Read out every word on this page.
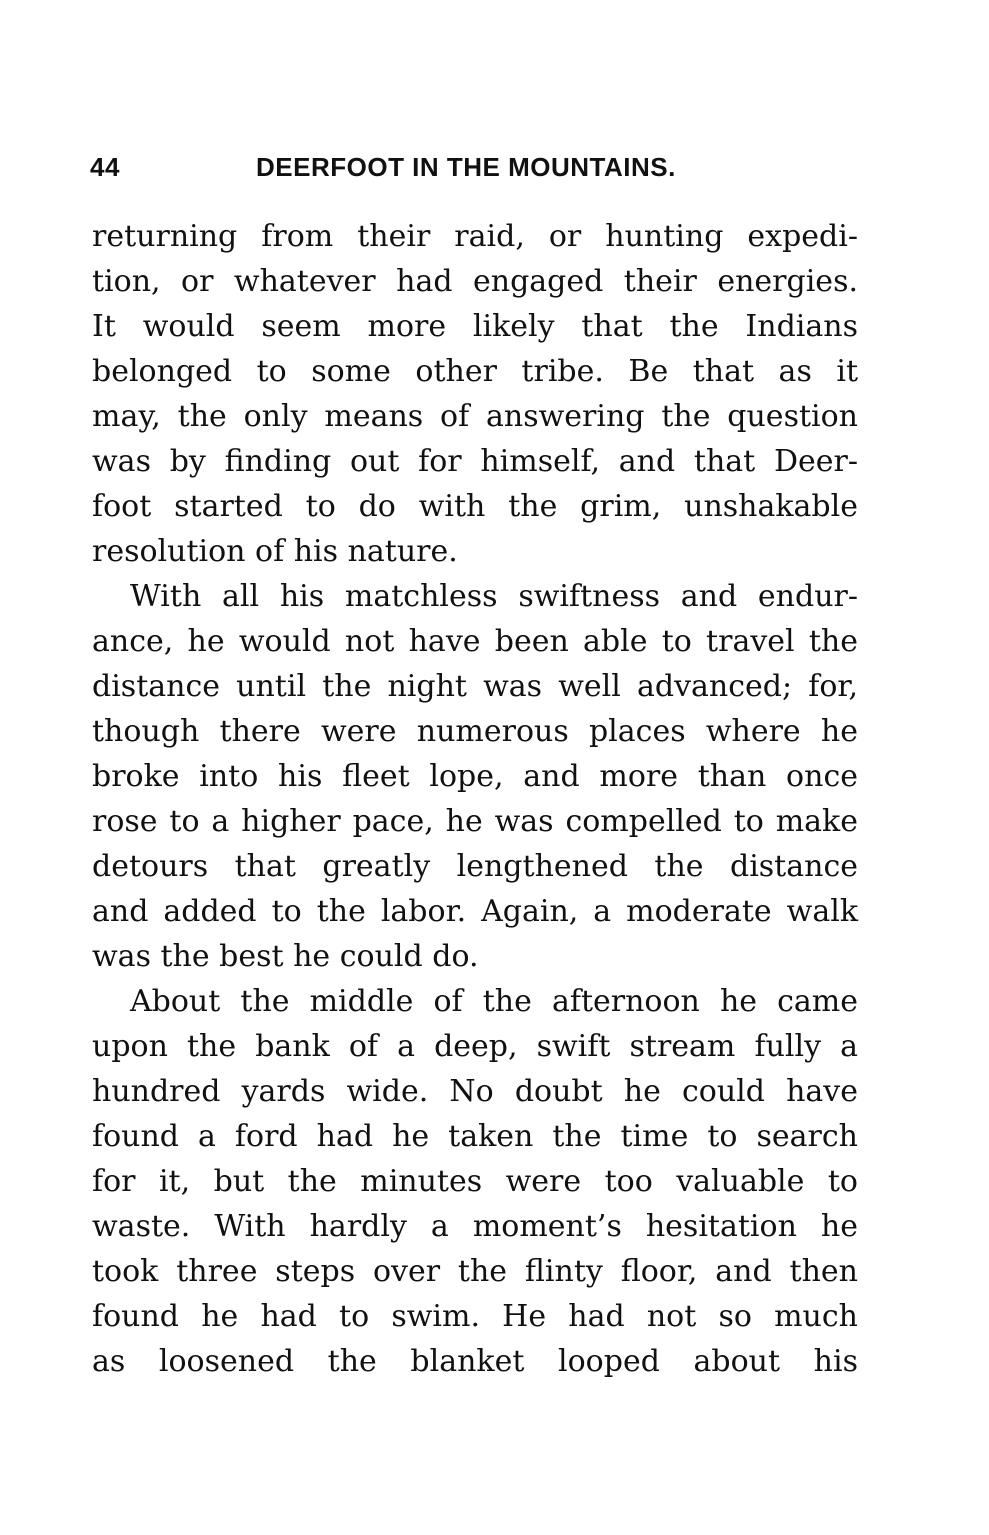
44	DEERFOOT IN THE MOUNTAINS.
returning from their raid, or hunting expedi-
tion, or whatever had engaged their energies.
It would seem more likely that the Indians
belonged to some other tribe. Be that as it
may, the only means of answering the question
was by finding out for himself, and that Deer-
foot started to do with the grim, unshakable
resolution of his nature.
With all his matchless swiftness and endur-
ance, he would not have been able to travel the
distance until the night was well advanced; for,
though there were numerous places where he
broke into his fleet lope, and more than once
rose to a higher pace, he was compelled to make
detours that greatly lengthened the distance
and added to the labor. Again, a moderate walk
was the best he could do.
About the middle of the afternoon he came
upon the bank of a deep, swift stream fully a
hundred yards wide. No doubt he could have
found a ford had he taken the time to search
for it, but the minutes were too valuable to
waste. With hardly a moment’s hesitation he
took three steps over the flinty floor, and then
found he had to swim. He had not so much
as loosened the blanket looped about his
